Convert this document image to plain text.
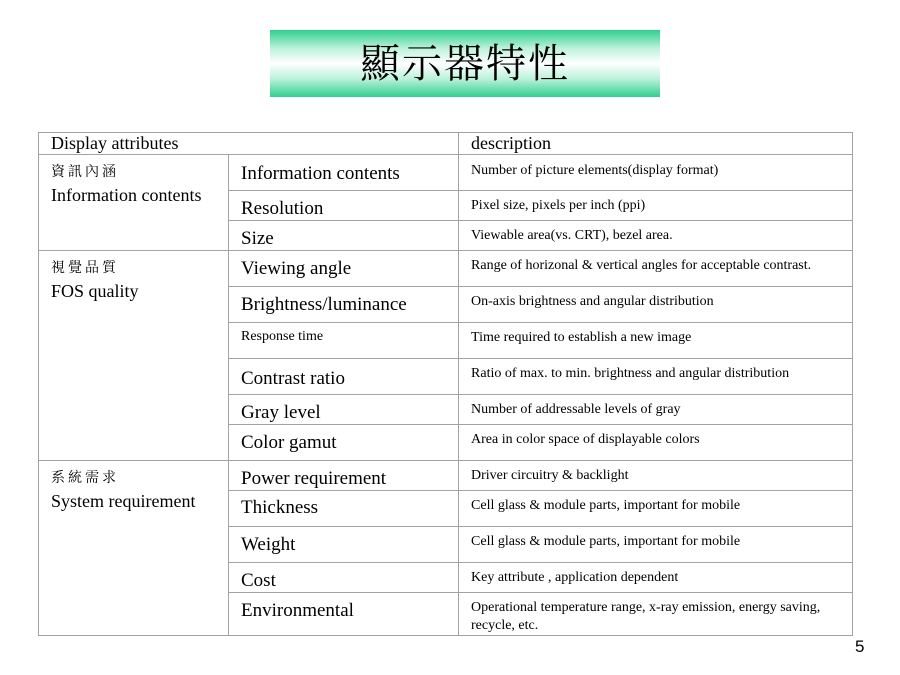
顯示器特性
Display attributes		description

資訊內涵
Information contents	Information contents	Number of picture elements(display format)
	Resolution	Pixel size, pixels per inch (ppi)
	Size	Viewable area(vs. CRT), bezel area.

視覺品質
FOS quality	Viewing angle	Range of horizonal & vertical angles for acceptable contrast.
	Brightness/luminance	On-axis brightness and angular distribution
	Response time	Time required to establish a new image
	Contrast ratio	Ratio of max. to min. brightness and angular distribution
	Gray level	Number of addressable levels of gray
	Color gamut	Area in color space of displayable colors

系統需求
System requirement	Power requirement	Driver circuitry & backlight
	Thickness	Cell glass & module parts, important for mobile
	Weight	Cell glass & module parts, important for mobile
	Cost	Key attribute , application dependent
	Environmental	Operational temperature range, x-ray emission, energy saving, recycle, etc.
5
